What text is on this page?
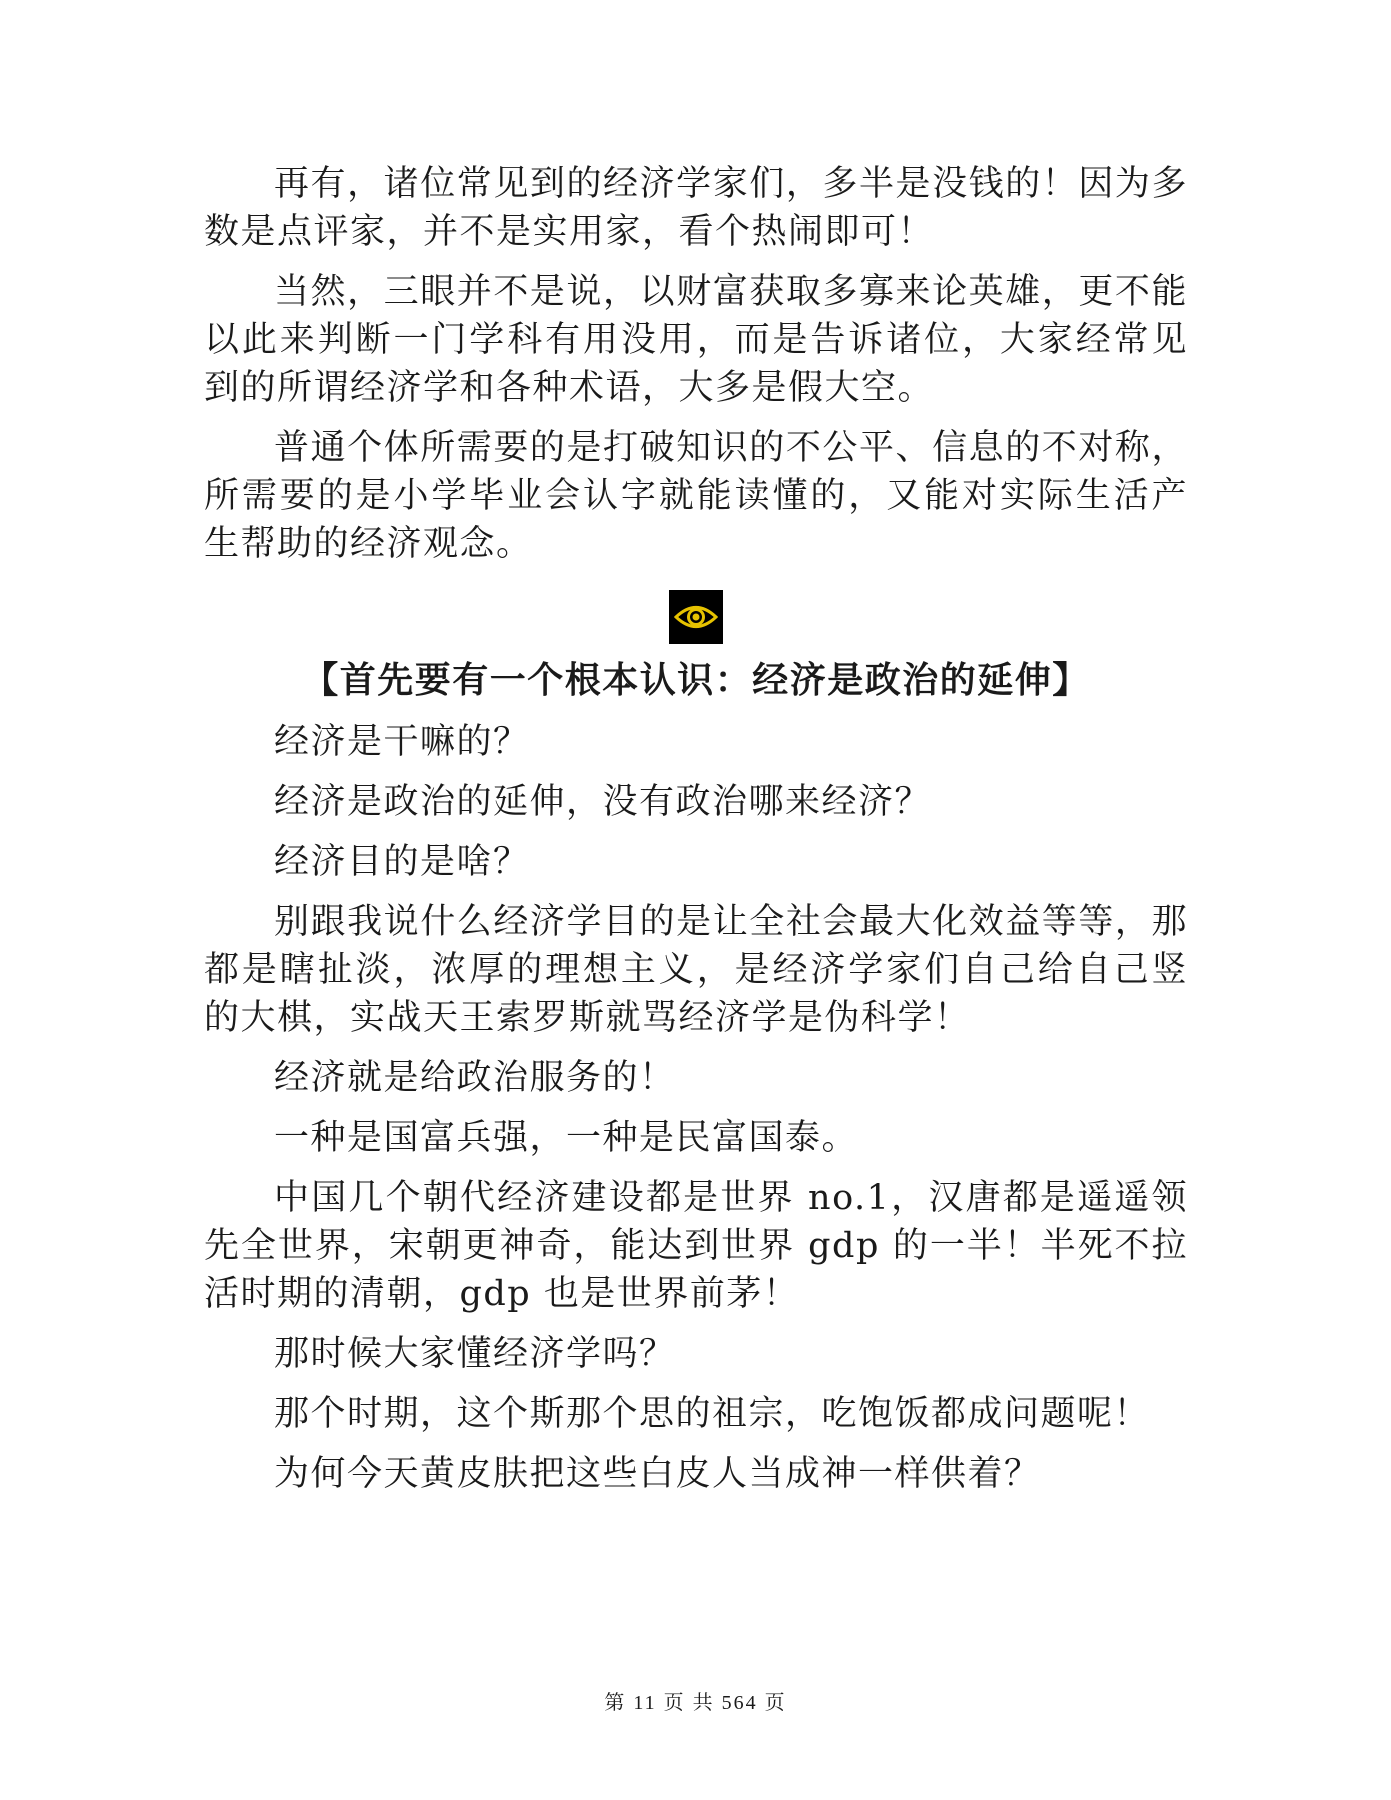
再有，诸位常见到的经济学家们，多半是没钱的！因为多数是点评家，并不是实用家，看个热闹即可！

当然，三眼并不是说，以财富获取多寡来论英雄，更不能以此来判断一门学科有用没用，而是告诉诸位，大家经常见到的所谓经济学和各种术语，大多是假大空。

普通个体所需要的是打破知识的不公平、信息的不对称，所需要的是小学毕业会认字就能读懂的，又能对实际生活产生帮助的经济观念。

【首先要有一个根本认识：经济是政治的延伸】

经济是干嘛的？

经济是政治的延伸，没有政治哪来经济？

经济目的是啥？

别跟我说什么经济学目的是让全社会最大化效益等等，那都是瞎扯淡，浓厚的理想主义，是经济学家们自己给自己竖的大棋，实战天王索罗斯就骂经济学是伪科学！

经济就是给政治服务的！

一种是国富兵强，一种是民富国泰。

中国几个朝代经济建设都是世界 no.1，汉唐都是遥遥领先全世界，宋朝更神奇，能达到世界 gdp 的一半！半死不拉活时期的清朝，gdp 也是世界前茅！

那时候大家懂经济学吗？

那个时期，这个斯那个思的祖宗，吃饱饭都成问题呢！

为何今天黄皮肤把这些白皮人当成神一样供着？

第 11 页 共 564 页
